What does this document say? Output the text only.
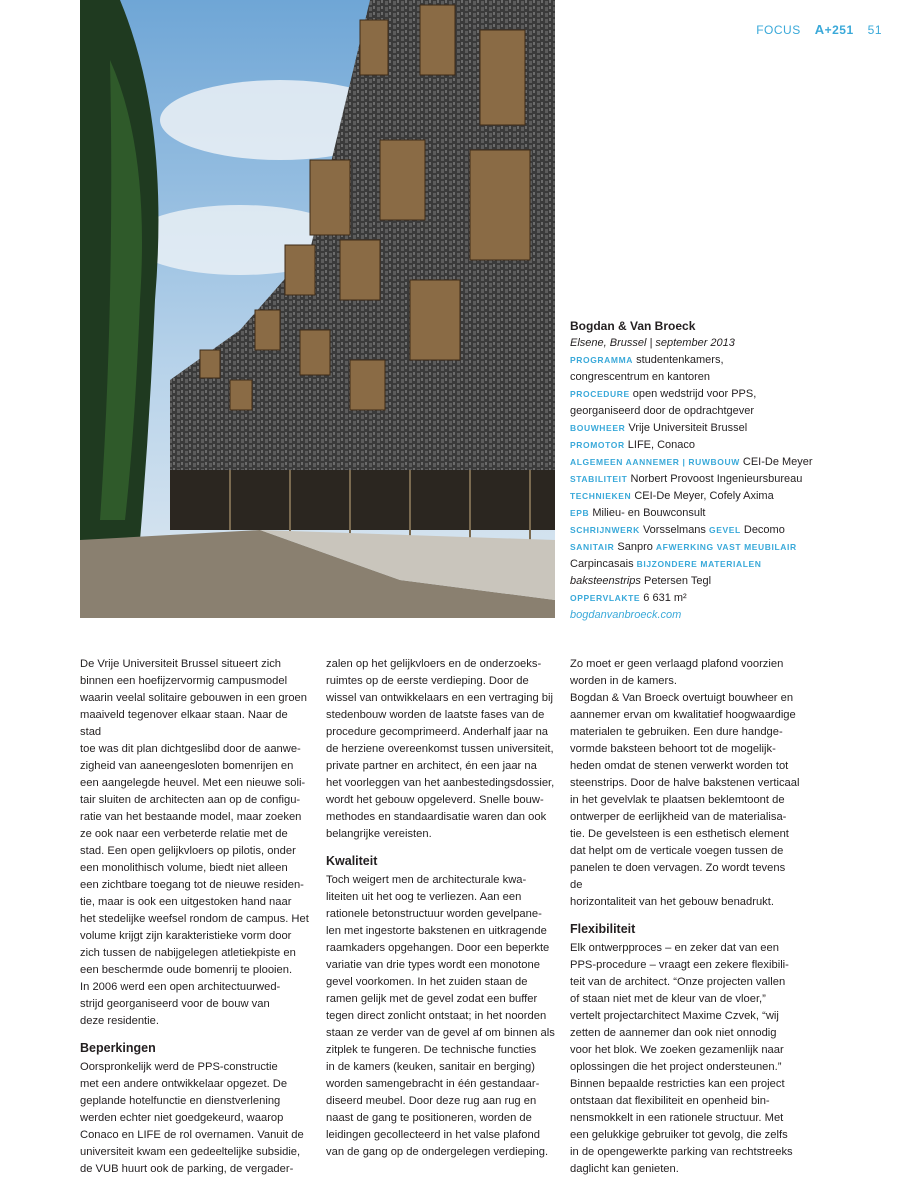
FOCUS A+251 51
Bogdan & Van Broeck
Elsene, Brussel | september 2013
PROGRAMMA studentenkamers,
congrescentrum en kantoren
PROCEDURE open wedstrijd voor PPS,
georganiseerd door de opdrachtgever
BOUWHEER Vrije Universiteit Brussel
PROMOTOR LIFE, Conaco
ALGEMEEN AANNEMER | RUWBOUW CEI-De Meyer
STABILITEIT Norbert Provoost Ingenieursbureau
TECHNIEKEN CEI-De Meyer, Cofely Axima
EPB Milieu- en Bouwconsult
SCHRIJNWERK Vorsselmans GEVEL Decomo
SANITAIR Sanpro AFWERKING VAST MEUBILAIR
Carpincasais BIJZONDERE MATERIALEN
baksteenstrips Petersen Tegl
OPPERVLAKTE 6 631 m²
bogdanvanbroeck.com

De Vrije Universiteit Brussel situeert zich
binnen een hoefijzervormig campusmodel
waarin veelal solitaire gebouwen in een groen
maaiveld tegenover elkaar staan. Naar de stad
toe was dit plan dichtgeslibd door de aanwe-
zigheid van aaneengesloten bomenrijen en
een aangelegde heuvel. Met een nieuwe soli-
tair sluiten de architecten aan op de configu-
ratie van het bestaande model, maar zoeken
ze ook naar een verbeterde relatie met de
stad. Een open gelijkvloers op pilotis, onder
een monolithisch volume, biedt niet alleen
een zichtbare toegang tot de nieuwe residen-
tie, maar is ook een uitgestoken hand naar
het stedelijke weefsel rondom de campus. Het
volume krijgt zijn karakteristieke vorm door
zich tussen de nabijgelegen atletiekpiste en
een beschermde oude bomenrij te plooien.
In 2006 werd een open architectuurwed-
strijd georganiseerd voor de bouw van
deze residentie.

Beperkingen

Oorspronkelijk werd de PPS-constructie
met een andere ontwikkelaar opgezet. De
geplande hotelfunctie en dienstverlening
werden echter niet goedgekeurd, waarop
Conaco en LIFE de rol overnamen. Vanuit de
universiteit kwam een gedeeltelijke subsidie,
de VUB huurt ook de parking, de vergader-

zalen op het gelijkvloers en de onderzoeks-
ruimtes op de eerste verdieping. Door de
wissel van ontwikkelaars en een vertraging bij
stedenbouw worden de laatste fases van de
procedure gecomprimeerd. Anderhalf jaar na
de herziene overeenkomst tussen universiteit,
private partner en architect, én een jaar na
het voorleggen van het aanbestedingsdossier,
wordt het gebouw opgeleverd. Snelle bouw-
methodes en standaardisatie waren dan ook
belangrijke vereisten.

Kwaliteit

Toch weigert men de architecturale kwa-
liteiten uit het oog te verliezen. Aan een
rationele betonstructuur worden gevelpane-
len met ingestorte bakstenen en uitkragende
raamkaders opgehangen. Door een beperkte
variatie van drie types wordt een monotone
gevel voorkomen. In het zuiden staan de
ramen gelijk met de gevel zodat een buffer
tegen direct zonlicht ontstaat; in het noorden
staan ze verder van de gevel af om binnen als
zitplek te fungeren. De technische functies
in de kamers (keuken, sanitair en berging)
worden samengebracht in één gestandaar-
diseerd meubel. Door deze rug aan rug en
naast de gang te positioneren, worden de
leidingen gecollecteerd in het valse plafond
van de gang op de ondergelegen verdieping.

Zo moet er geen verlaagd plafond voorzien
worden in de kamers.
Bogdan & Van Broeck overtuigt bouwheer en
aannemer ervan om kwalitatief hoogwaardige
materialen te gebruiken. Een dure handge-
vormde baksteen behoort tot de mogelijk-
heden omdat de stenen verwerkt worden tot
steenstrips. Door de halve bakstenen verticaal
in het gevelvlak te plaatsen beklemtoont de
ontwerper de eerlijkheid van de materialisa-
tie. De gevelsteen is een esthetisch element
dat helpt om de verticale voegen tussen de
panelen te doen vervagen. Zo wordt tevens de
horizontaliteit van het gebouw benadrukt.

Flexibiliteit

Elk ontwerpproces – en zeker dat van een
PPS-procedure – vraagt een zekere flexibili-
teit van de architect. “Onze projecten vallen
of staan niet met de kleur van de vloer,”
vertelt projectarchitect Maxime Czvek, “wij
zetten de aannemer dan ook niet onnodig
voor het blok. We zoeken gezamenlijk naar
oplossingen die het project ondersteunen.”
Binnen bepaalde restricties kan een project
ontstaan dat flexibiliteit en openheid bin-
nensmokkelt in een rationele structuur. Met
een gelukkige gebruiker tot gevolg, die zelfs
in de opengewerkte parking van rechtstreeks
daglicht kan genieten.
